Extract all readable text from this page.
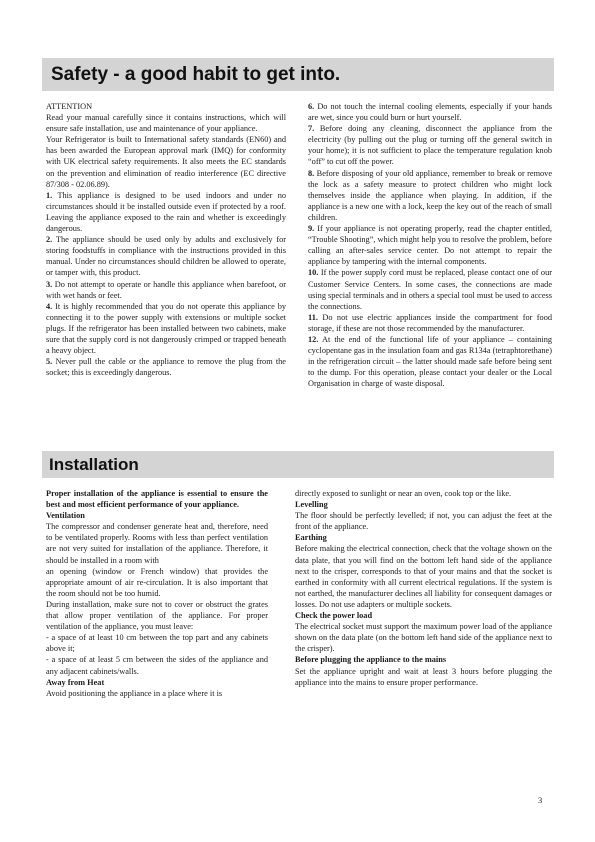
Safety - a good habit to get into.

ATTENTION

Read your manual carefully since it contains instructions, which will ensure safe installation, use and maintenance of your appliance.

Your Refrigerator is built to International safety standards (EN60) and has been awarded the European approval mark (IMQ) for conformity with UK electrical safety requirements. It also meets the EC standards on the prevention and elimination of readio interference (EC directive 87/308 - 02.06.89).

1. This appliance is designed to be used indoors and under no circumstances should it be installed outside even if protected by a roof. Leaving the appliance exposed to the rain and whether is exceedingly dangerous.

2. The appliance should be used only by adults and exclusively for storing foodstuffs in compliance with the instructions provided in this manual. Under no circumstances should children be allowed to operate, or tamper with, this product.

3. Do not attempt to operate or handle this appliance when barefoot, or with wet hands or feet.

4. It is highly recommended that you do not operate this appliance by connecting it to the power supply with extensions or multiple socket plugs. If the refrigerator has been installed between two cabinets, make sure that the supply cord is not dangerously crimped or trapped beneath a heavy object.

5. Never pull the cable or the appliance to remove the plug from the socket; this is exceedingly dangerous.

6. Do not touch the internal cooling elements, especially if your hands are wet, since you could burn or hurt yourself.

7. Before doing any cleaning, disconnect the appliance from the electricity (by pulling out the plug or turning off the general switch in your home); it is not sufficient to place the temperature regulation knob “off” to cut off the power.

8. Before disposing of your old appliance, remember to break or remove the lock as a safety measure to protect children who might lock themselves inside the appliance when playing. In addition, if the appliance is a new one with a lock, keep the key out of the reach of small children.

9. If your appliance is not operating properly, read the chapter entitled, “Trouble Shooting”, which might help you to resolve the problem, before calling an after-sales service center. Do not attempt to repair the appliance by tampering with the internal components.

10. If the power supply cord must be replaced, please contact one of our Customer Service Centers. In some cases, the connections are made using special terminals and in others a special tool must be used to access the connections.

11. Do not use electric appliances inside the compartment for food storage, if these are not those recommended by the manufacturer.

12. At the end of the functional life of your appliance – containing cyclopentane gas in the insulation foam and gas R134a (tetraphtorethane) in the refrigeration circuit – the latter should made safe before being sent to the dump. For this operation, please contact your dealer or the Local Organisation in charge of waste disposal.

Installation

Proper installation of the appliance is essential to ensure the best and most efficient performance of your appliance.

Ventilation

The compressor and condenser generate heat and, therefore, need to be ventilated properly. Rooms with less than perfect ventilation are not very suited for installation of the appliance. Therefore, it should be installed in a room with

an opening (window or French window) that provides the appropriate amount of air re-circulation. It is also important that the room should not be too humid.

During installation, make sure not to cover or obstruct the grates that allow proper ventilation of the appliance. For proper ventilation of the appliance, you must leave:

- a space of at least 10 cm between the top part and any cabinets above it;

- a space of at least 5 cm between the sides of the appliance and any adjacent cabinets/walls.

Away from Heat

Avoid positioning the appliance in a place where it is

directly exposed to sunlight or near an oven, cook top or the like.

Levelling

The floor should be perfectly levelled; if not, you can adjust the feet at the front of the appliance.

Earthing

Before making the electrical connection, check that the voltage shown on the data plate, that you will find on the bottom left hand side of the appliance next to the crisper, corresponds to that of your mains and that the socket is earthed in conformity with all current electrical regulations. If the system is not earthed, the manufacturer declines all liability for consequent damages or losses. Do not use adapters or multiple sockets.

Check the power load

The electrical socket must support the maximum power load of the appliance shown on the data plate (on the bottom left hand side of the appliance next to the crisper).

Before plugging the appliance to the mains

Set the appliance upright and wait at least 3 hours before plugging the appliance into the mains to ensure proper performance.

3
